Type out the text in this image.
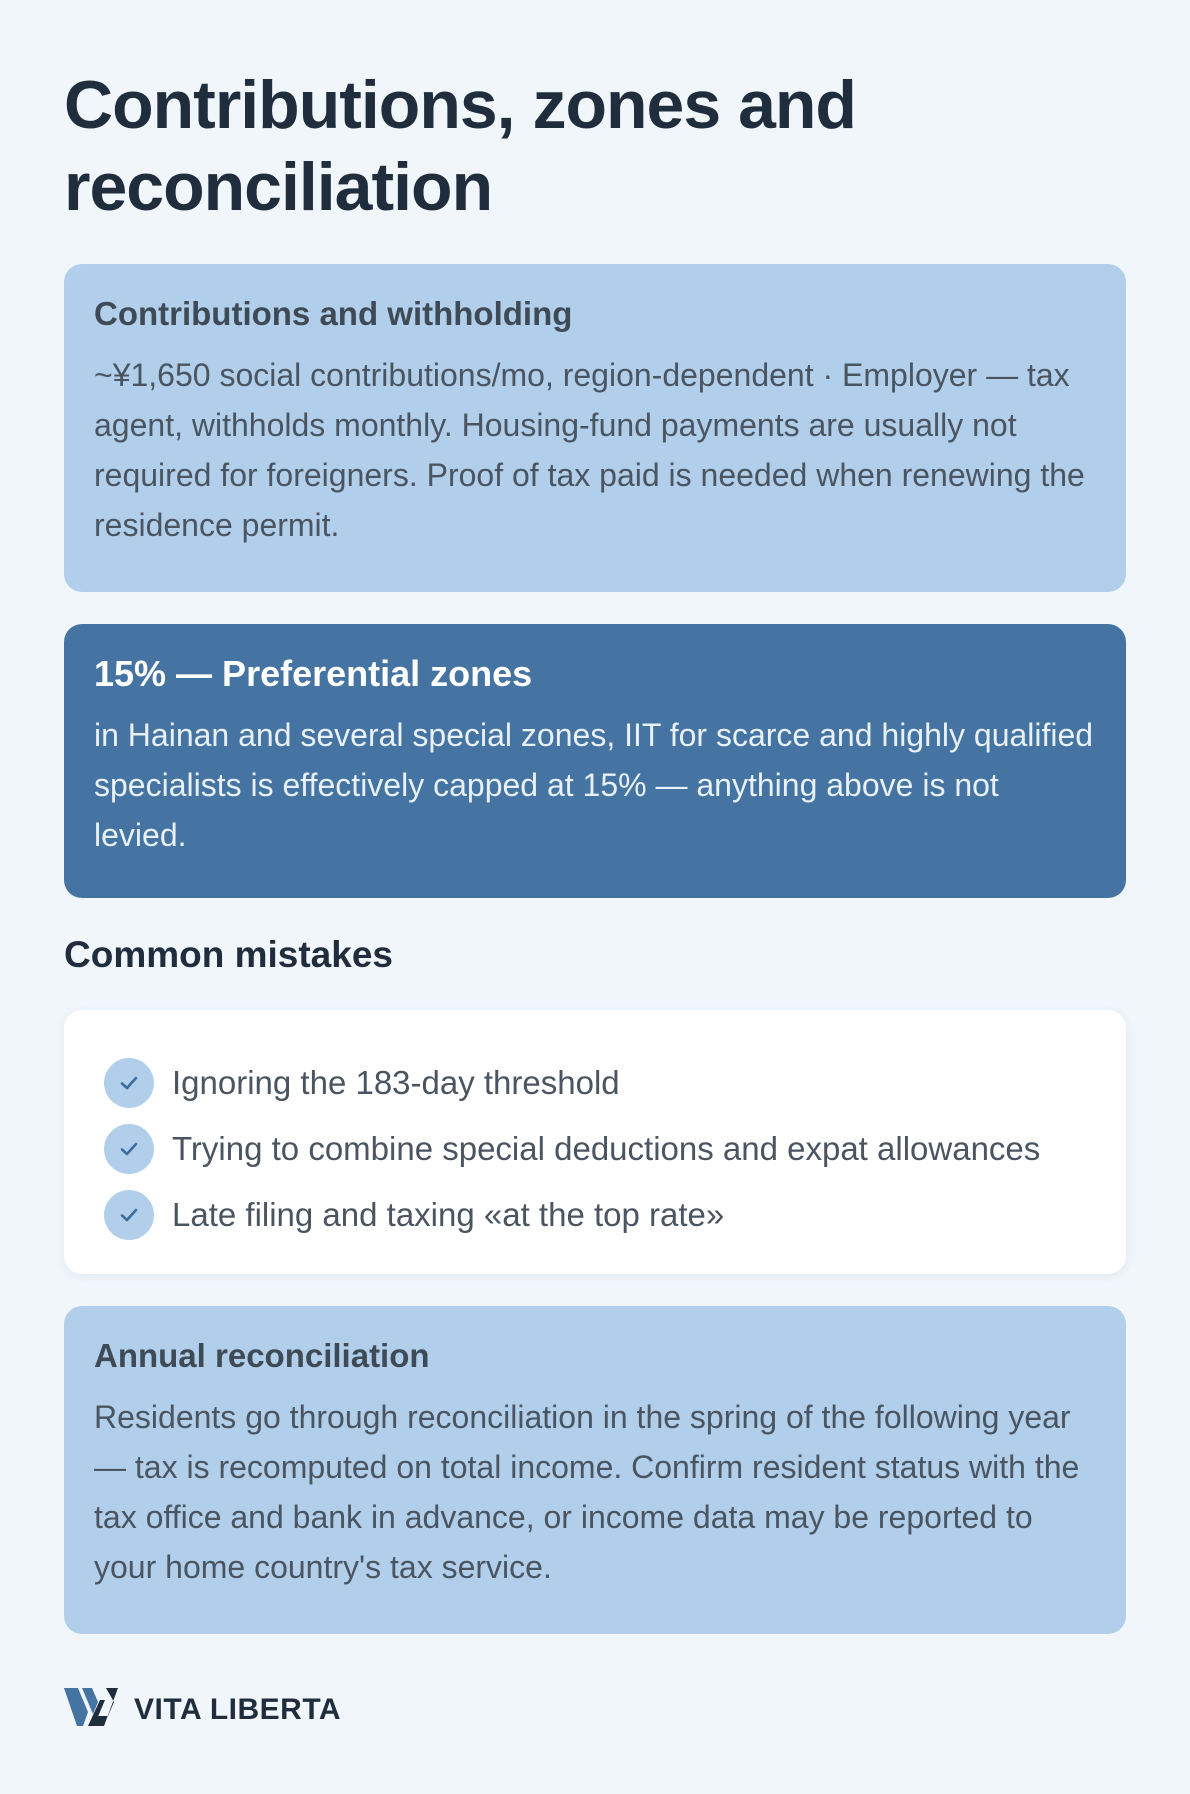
Contributions, zones and reconciliation
Contributions and withholding

~¥1,650 social contributions/mo, region-dependent · Employer — tax agent, withholds monthly. Housing-fund payments are usually not required for foreigners. Proof of tax paid is needed when renewing the residence permit.

15% — Preferential zones

in Hainan and several special zones, IIT for scarce and highly qualified specialists is effectively capped at 15% — anything above is not levied.

Common mistakes
Ignoring the 183-day threshold
Trying to combine special deductions and expat allowances
Late filing and taxing «at the top rate»
Annual reconciliation

Residents go through reconciliation in the spring of the following year — tax is recomputed on total income. Confirm resident status with the tax office and bank in advance, or income data may be reported to your home country's tax service.

VITA LIBERTA
